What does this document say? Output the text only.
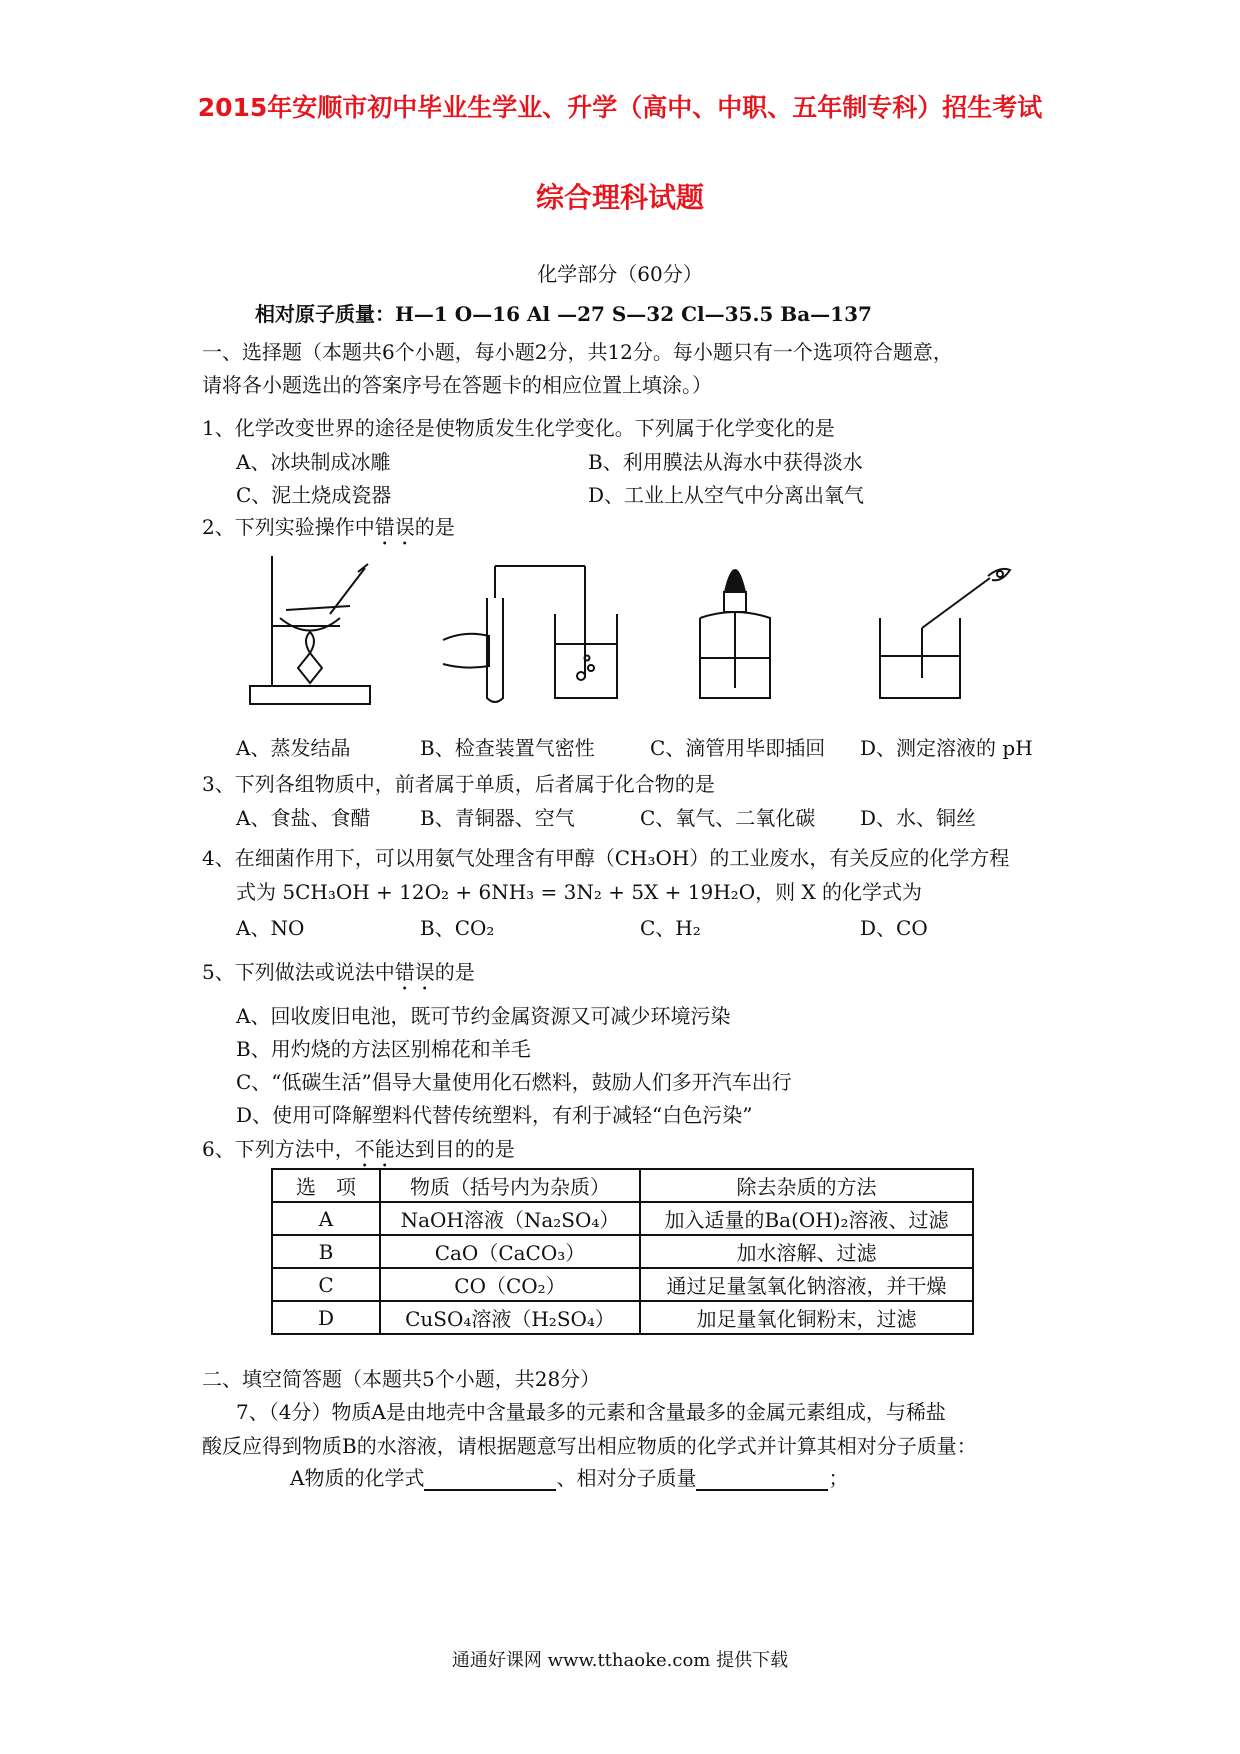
2015年安顺市初中毕业生学业、升学（高中、中职、五年制专科）招生考试
综合理科试题
化学部分（60分）
相对原子质量：H—1 O—16 Al —27 S—32 Cl—35.5 Ba—137
一、选择题（本题共6个小题，每小题2分，共12分。每小题只有一个选项符合题意，
请将各小题选出的答案序号在答题卡的相应位置上填涂。）
1、化学改变世界的途径是使物质发生化学变化。下列属于化学变化的是
A、冰块制成冰雕	B、利用膜法从海水中获得淡水
C、泥土烧成瓷器	D、工业上从空气中分离出氧气
2、下列实验操作中错误的是
A、蒸发结晶	B、检查装置气密性	C、滴管用毕即插回 D、测定溶液的 pH
3、下列各组物质中，前者属于单质，后者属于化合物的是
A、食盐、食醋 B、青铜器、空气	C、氧气、二氧化碳 D、水、铜丝
4、在细菌作用下，可以用氨气处理含有甲醇（CH₃OH）的工业废水，有关反应的化学方程
式为 5CH₃OH + 12O₂ + 6NH₃ = 3N₂ + 5X + 19H₂O，则 X 的化学式为
A、NO	B、CO₂	C、H₂	D、CO
5、下列做法或说法中错误的是
A、回收废旧电池，既可节约金属资源又可减少环境污染
B、用灼烧的方法区别棉花和羊毛
C、“低碳生活”倡导大量使用化石燃料，鼓励人们多开汽车出行
D、使用可降解塑料代替传统塑料，有利于减轻“白色污染”
6、下列方法中，不能达到目的的是
选　项	物质（括号内为杂质）	除去杂质的方法
A	NaOH溶液（Na₂SO₄）	加入适量的Ba(OH)₂溶液、过滤
B	CaO（CaCO₃）	加水溶解、过滤
C	CO（CO₂）	通过足量氢氧化钠溶液，并干燥
D	CuSO₄溶液（H₂SO₄）	加足量氧化铜粉末，过滤
二、填空简答题（本题共5个小题，共28分）
7、（4分）物质A是由地壳中含量最多的元素和含量最多的金属元素组成，与稀盐
酸反应得到物质B的水溶液，请根据题意写出相应物质的化学式并计算其相对分子质量：
A物质的化学式	、相对分子质量	；
通通好课网 www.tthaoke.com 提供下载
